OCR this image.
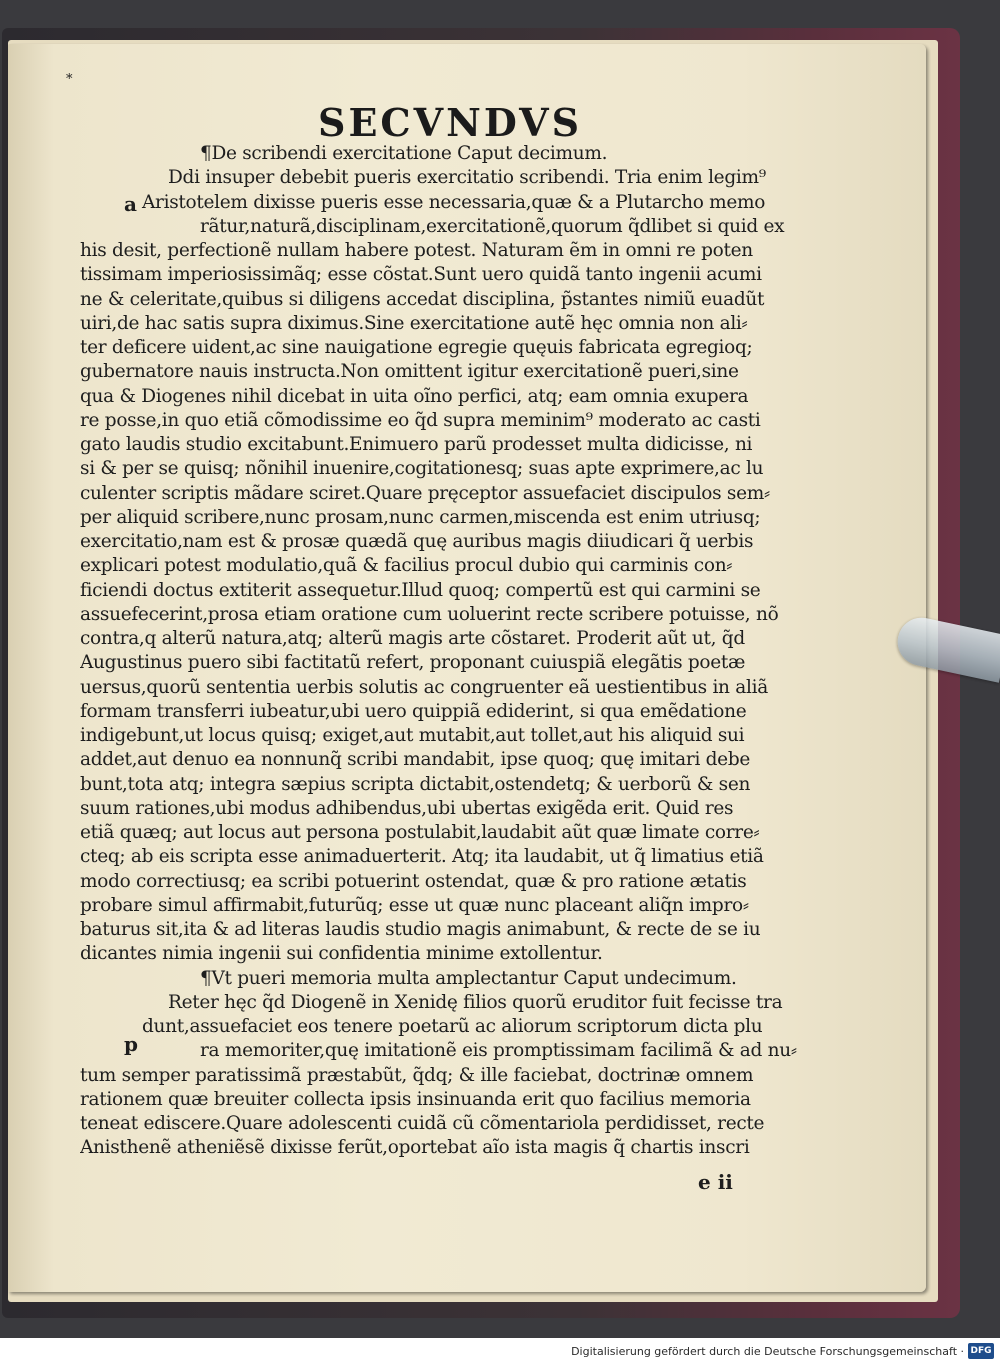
*
SECVNDVS
¶De scribendi exercitatione Caput decimum.
Ddi insuper debebit pueris exercitatio scribendi. Tria enim legim⁹
Aristotelem dixisse pueris esse necessaria,quæ & a Plutarcho memo
rãtur,naturã,disciplinam,exercitationẽ,quorum q̃dlibet si quid ex
his desit, perfectionẽ nullam habere potest. Naturam ẽm in omni re poten
tissimam imperiosissimãq; esse cõstat.Sunt uero quidã tanto ingenii acumi
ne & celeritate,quibus si diligens accedat disciplina, p̃stantes nimiũ euadũt
uiri,de hac satis supra diximus.Sine exercitatione autẽ hęc omnia non ali⸗
ter deficere uident,ac sine nauigatione egregie quęuis fabricata egregioq;
gubernatore nauis instructa.Non omittent igitur exercitationẽ pueri,sine
qua & Diogenes nihil dicebat in uita oĩno perfici, atq; eam omnia exupera
re posse,in quo etiã cõmodissime eo q̃d supra meminim⁹ moderato ac casti
gato laudis studio excitabunt.Enimuero parũ prodesset multa didicisse, ni
si & per se quisq; nõnihil inuenire,cogitationesq; suas apte exprimere,ac lu
culenter scriptis mãdare sciret.Quare pręceptor assuefaciet discipulos sem⸗
per aliquid scribere,nunc prosam,nunc carmen,miscenda est enim utriusq;
exercitatio,nam est & prosæ quædã quę auribus magis diiudicari q̃ uerbis
explicari potest modulatio,quã & facilius procul dubio qui carminis con⸗
ficiendi doctus extiterit assequetur.Illud quoq; compertũ est qui carmini se
assuefecerint,prosa etiam oratione cum uoluerint recte scribere potuisse, nõ
contra,q alterũ natura,atq; alterũ magis arte cõstaret. Proderit aũt ut, q̃d
Augustinus puero sibi factitatũ refert, proponant cuiuspiã elegãtis poetæ
uersus,quorũ sententia uerbis solutis ac congruenter eã uestientibus in aliã
formam transferri iubeatur,ubi uero quippiã ediderint, si qua emẽdatione
indigebunt,ut locus quisq; exiget,aut mutabit,aut tollet,aut his aliquid sui
addet,aut denuo ea nonnunq̃ scribi mandabit, ipse quoq; quę imitari debe
bunt,tota atq; integra sæpius scripta dictabit,ostendetq; & uerborũ & sen
suum rationes,ubi modus adhibendus,ubi ubertas exigẽda erit. Quid res
etiã quæq; aut locus aut persona postulabit,laudabit aũt quæ limate corre⸗
cteq; ab eis scripta esse animaduerterit. Atq; ita laudabit, ut q̃ limatius etiã
modo correctiusq; ea scribi potuerint ostendat, quæ & pro ratione ætatis
probare simul affirmabit,futurũq; esse ut quæ nunc placeant aliq̃n impro⸗
baturus sit,ita & ad literas laudis studio magis animabunt, & recte de se iu
dicantes nimia ingenii sui confidentia minime extollentur.
¶Vt pueri memoria multa amplectantur Caput undecimum.
Reter hęc q̃d Diogenẽ in Xenidę filios quorũ eruditor fuit fecisse tra
dunt,assuefaciet eos tenere poetarũ ac aliorum scriptorum dicta plu
ra memoriter,quę imitationẽ eis promptissimam facilimã & ad nu⸗
tum semper paratissimã præstabũt, q̃dq; & ille faciebat, doctrinæ omnem
rationem quæ breuiter collecta ipsis insinuanda erit quo facilius memoria
teneat ediscere.Quare adolescenti cuidã cũ cõmentariola perdidisset, recte
Anisthenẽ atheniẽsẽ dixisse ferũt,oportebat aĩo ista magis q̃ chartis inscri
a
p
e ii
Digitalisierung gefördert durch die Deutsche Forschungsgemeinschaft · DFG
